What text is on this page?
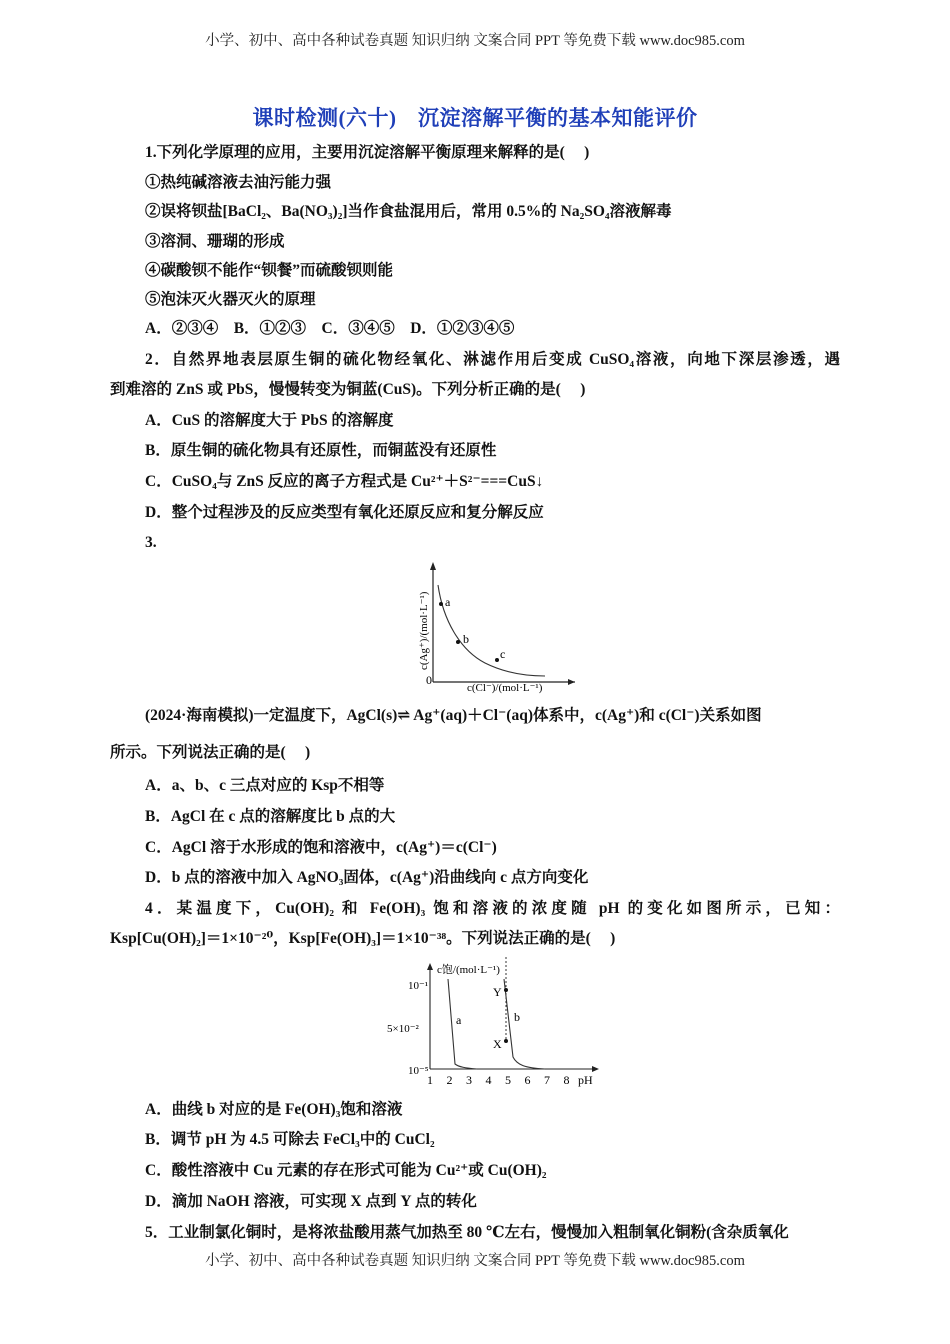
小学、初中、高中各种试卷真题 知识归纳 文案合同 PPT 等免费下载 www.doc985.com
课时检测(六十)　沉淀溶解平衡的基本知能评价
1.下列化学原理的应用，主要用沉淀溶解平衡原理来解释的是(　 )
①热纯碱溶液去油污能力强
②误将钡盐[BaCl₂、Ba(NO₃)₂]当作食盐混用后，常用 0.5%的 Na₂SO₄溶液解毒
③溶洞、珊瑚的形成
④碳酸钡不能作“钡餐”而硫酸钡则能
⑤泡沫灭火器灭火的原理
A．②③④　B．①②③　C．③④⑤　D．①②③④⑤
2．自然界地表层原生铜的硫化物经氧化、淋滤作用后变成 CuSO₄溶液，向地下深层渗透，遇
到难溶的 ZnS 或 PbS，慢慢转变为铜蓝(CuS)。下列分析正确的是(　 )
A．CuS 的溶解度大于 PbS 的溶解度
B．原生铜的硫化物具有还原性，而铜蓝没有还原性
C．CuSO₄与 ZnS 反应的离子方程式是 Cu²⁺＋S²⁻===CuS↓
D．整个过程涉及的反应类型有氧化还原反应和复分解反应
3.
a
b
c
0
c(Cl⁻)/(mol·L⁻¹)
c(Ag⁺)/(mol·L⁻¹)
(2024·海南模拟)一定温度下，AgCl(s)⇌ Ag⁺(aq)＋Cl⁻(aq)体系中，c(Ag⁺)和 c(Cl⁻)关系如图
所示。下列说法正确的是(　 )
A．a、b、c 三点对应的 Ksp不相等
B．AgCl 在 c 点的溶解度比 b 点的大
C．AgCl 溶于水形成的饱和溶液中，c(Ag⁺)＝c(Cl⁻)
D．b 点的溶液中加入 AgNO₃固体，c(Ag⁺)沿曲线向 c 点方向变化
4．某温度下，Cu(OH)₂ 和 Fe(OH)₃ 饱和溶液的浓度随 pH 的变化如图所示，已知：
Ksp[Cu(OH)₂]＝1×10⁻²⁰，Ksp[Fe(OH)₃]＝1×10⁻³⁸。下列说法正确的是(　 )
c饱/(mol·L⁻¹)
10⁻¹
5×10⁻²
10⁻⁵
1 2 3 4 5 6 7 8 pH
Y
X
a	b
A．曲线 b 对应的是 Fe(OH)₃饱和溶液
B．调节 pH 为 4.5 可除去 FeCl₃中的 CuCl₂
C．酸性溶液中 Cu 元素的存在形式可能为 Cu²⁺或 Cu(OH)₂
D．滴加 NaOH 溶液，可实现 X 点到 Y 点的转化
5．工业制氯化铜时，是将浓盐酸用蒸气加热至 80 ℃左右，慢慢加入粗制氧化铜粉(含杂质氧化
小学、初中、高中各种试卷真题 知识归纳 文案合同 PPT 等免费下载 www.doc985.com
